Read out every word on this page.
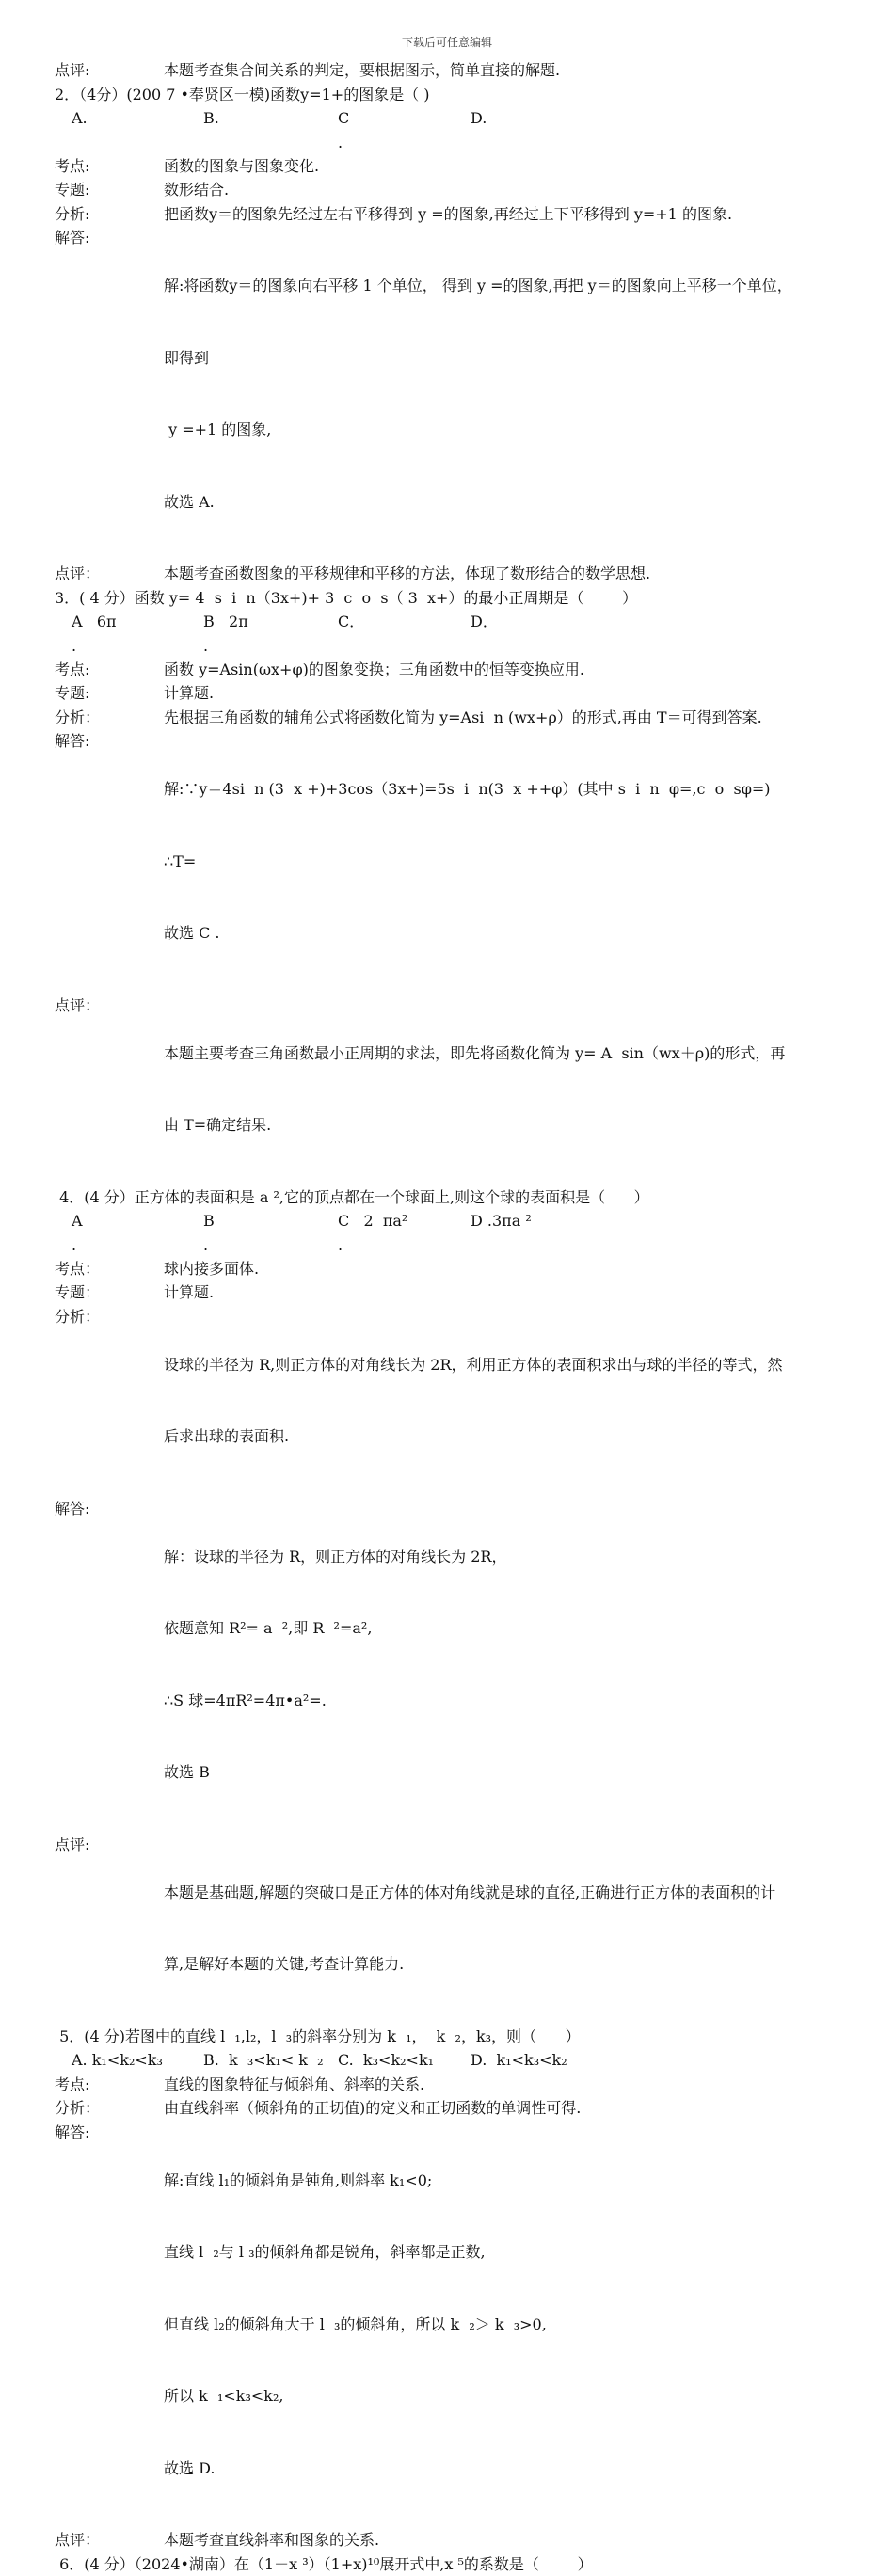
下载后可任意编辑
点评:	本题考查集合间关系的判定，要根据图示，简单直接的解题.
2．（4分）(200 7 •奉贤区一模)函数y=1+的图象是（ )
A.	B.	C	D.
.
考点:	函数的图象与图象变化.
专题:	数形结合.
分析:	把函数y＝的图象先经过左右平移得到 y =的图象,再经过上下平移得到 y=+1 的图象.
解答:

解:将函数y＝的图象向右平移 1 个单位， 得到 y =的图象,再把 y＝的图象向上平移一个单位，

即得到

y =+1 的图象,

故选 A.

点评：	本题考查函数图象的平移规律和平移的方法，体现了数形结合的数学思想.
3．( 4 分）函数 y= 4  s  i  n（3x+)+ 3  c  o  s（ 3  x+）的最小正周期是（        ）
A   6π	B   2π	C．	D．
.	.
考点:	函数 y=Asin(ωx+φ)的图象变换；三角函数中的恒等变换应用.
专题:	计算题.
分析：	先根据三角函数的辅角公式将函数化简为 y=Asi  n (wx+ρ）的形式,再由 T＝可得到答案.
解答:

解:∵y＝4si  n (3  x +)+3cos（3x+)=5s  i  n(3  x ++φ）(其中 s  i  n  φ=,c  o  sφ=)

∴T=

故选 C .

点评：

本题主要考查三角函数最小正周期的求法，即先将函数化简为 y= A  sin（wx＋ρ)的形式，再

由 T=确定结果.

4．(4 分）正方体的表面积是 a ²,它的顶点都在一个球面上,则这个球的表面积是（      ）
A	B	C   2  πa²	D .3πa ²
.	.	.
考点：	球内接多面体.
专题：	计算题.
分析：

设球的半径为 R,则正方体的对角线长为 2R，利用正方体的表面积求出与球的半径的等式，然

后求出球的表面积.

解答:

解：设球的半径为 R，则正方体的对角线长为 2R，

依题意知 R²= a  ²,即 R  ²=a²,

∴S 球=4πR²=4π•a²=.

故选 B

点评:

本题是基础题,解题的突破口是正方体的体对角线就是球的直径,正确进行正方体的表面积的计

算,是解好本题的关键,考查计算能力.

5．(4 分)若图中的直线 l  ₁,l₂，l  ₃的斜率分别为 k  ₁，  k  ₂，k₃，则（      ）
A. k₁<k₂<k₃	B.  k  ₃<k₁< k  ₂ C.  k₃<k₂<k₁	D.  k₁<k₃<k₂
考点:	直线的图象特征与倾斜角、斜率的关系.
分析：	由直线斜率（倾斜角的正切值)的定义和正切函数的单调性可得.
解答:

解:直线 l₁的倾斜角是钝角,则斜率 k₁<0;

直线 l  ₂与 l ₃的倾斜角都是锐角，斜率都是正数,

但直线 l₂的倾斜角大于 l  ₃的倾斜角，所以 k  ₂＞ k  ₃>0,

所以 k  ₁<k₃<k₂,

故选 D.

点评：	本题考查直线斜率和图象的关系.
6．(4 分）（2024•湖南）在（1－x ³）（1+x)¹⁰展开式中,x ⁵的系数是（        ）
